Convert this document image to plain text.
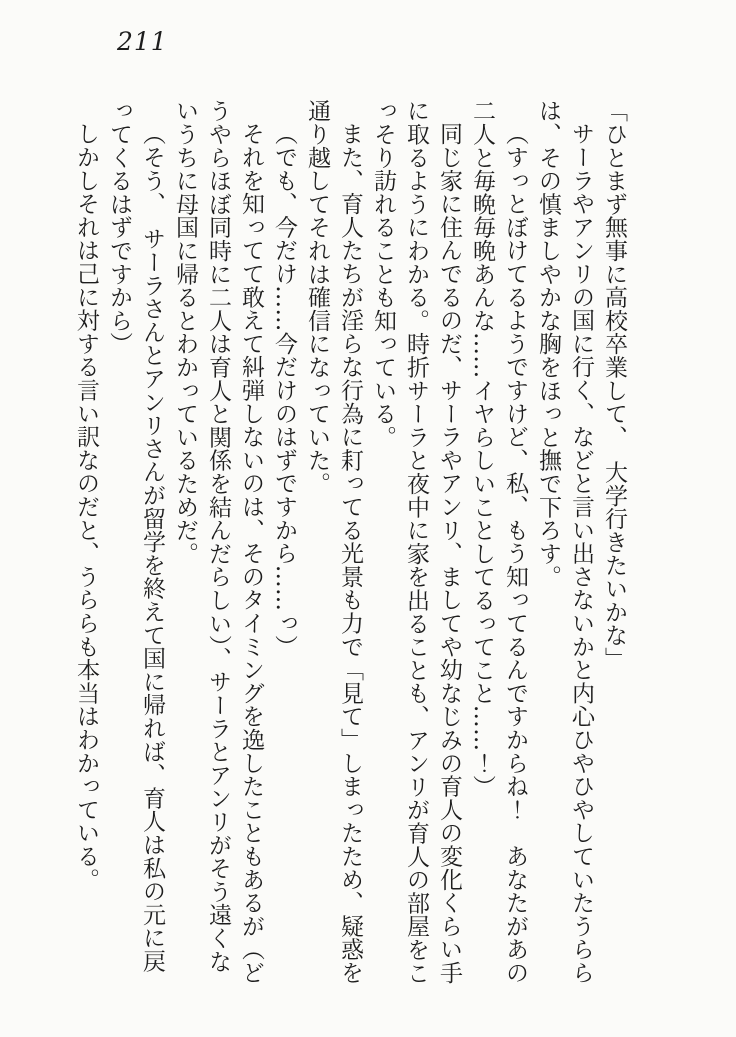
211

「ひとまず無事に高校卒業して、　大学行きたいかな」

サーラやアンリの国に行く、などと言い出さないかと内心ひやひやしていたうららは、その慎ましやかな胸をほっと撫で下ろす。

（すっとぼけてるようですけど、私、もう知ってるんですからね！　あなたがあの二人と毎晩毎晩あんな……イヤらしいことしてるってこと……！）

同じ家に住んでるのだ、サーラやアンリ、ましてや幼なじみの育人の変化くらい手に取るようにわかる。時折サーラと夜中に家を出ることも、アンリが育人の部屋をこっそり訪れることも知っている。

また、育人たちが淫らな行為に耓ってる光景も力で「見て」しまったため、疑惑を通り越してそれは確信になっていた。

（でも、今だけ……今だけのはずですから……っ）

それを知ってて敢えて糾弾しないのは、そのタイミングを逸したこともあるが（どうやらほぼ同時に二人は育人と関係を結んだらしい）、サーラとアンリがそう遠くないうちに母国に帰るとわかっているためだ。

（そう、　サーラさんとアンリさんが留学を終えて国に帰れば、育人は私の元に戻ってくるはずですから）

しかしそれは己に対する言い訳なのだと、うららも本当はわかっている。
